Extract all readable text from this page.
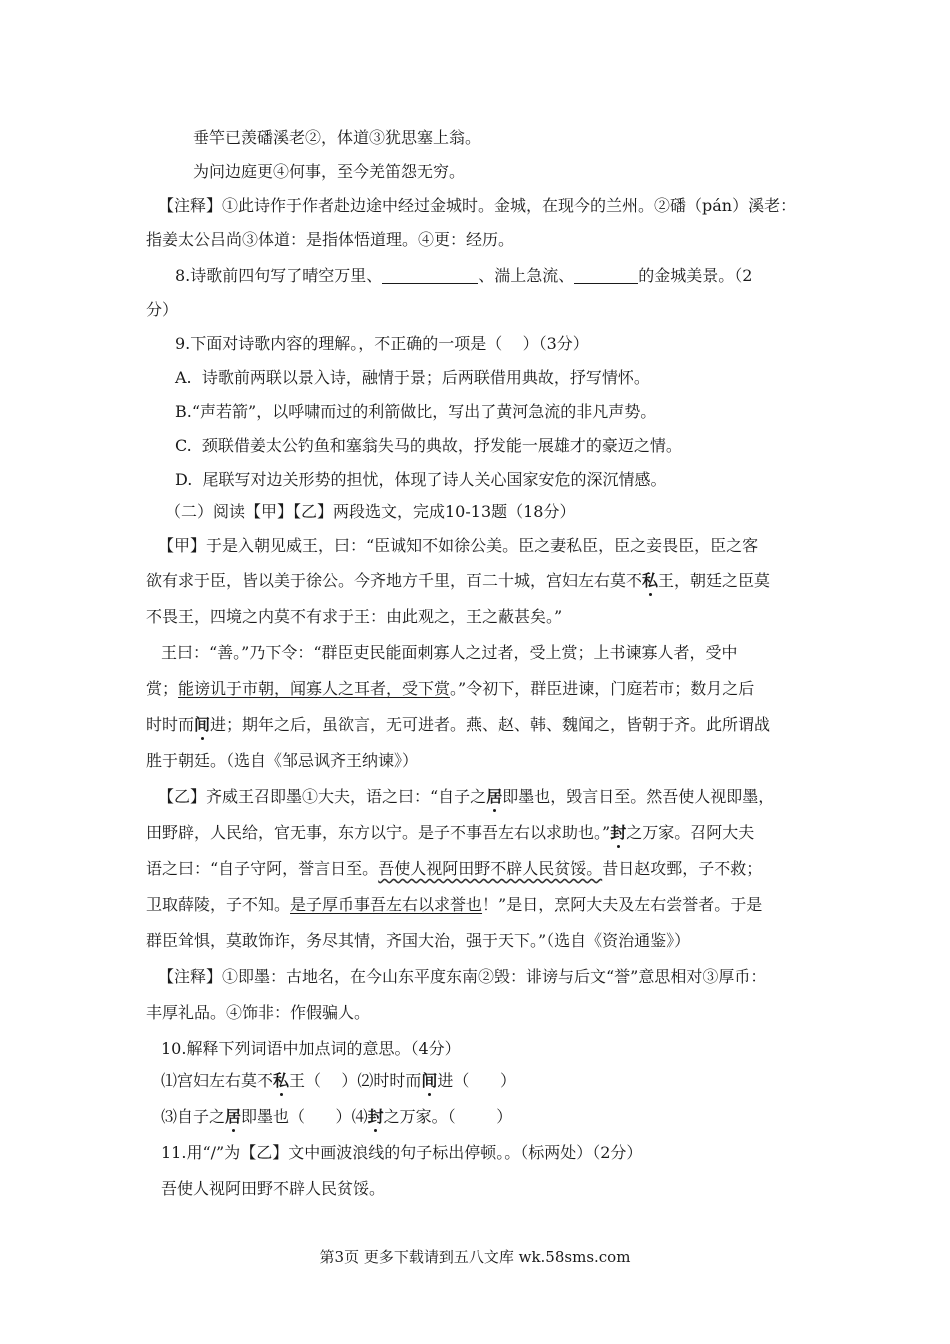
垂竿已羡磻溪老②，体道③犹思塞上翁。
为问边庭更④何事，至今羌笛怨无穷。
【注释】①此诗作于作者赴边途中经过金城时。金城，在现今的兰州。②磻（pán）溪老：
指姜太公吕尚③体道：是指体悟道理。④更：经历。
8.诗歌前四句写了晴空万里、	、湍上急流、	的金城美景。（2
分）
9.下面对诗歌内容的理解。，不正确的一项是（    ）（3分）
A.  诗歌前两联以景入诗，融情于景；后两联借用典故，抒写情怀。
B.“声若箭”，以呼啸而过的利箭做比，写出了黄河急流的非凡声势。
C.  颈联借姜太公钓鱼和塞翁失马的典故，抒发能一展雄才的豪迈之情。
D.  尾联写对边关形势的担忧，体现了诗人关心国家安危的深沉情感。
（二）阅读【甲】【乙】两段选文，完成10-13题（18分）
【甲】于是入朝见威王，曰：“臣诚知不如徐公美。臣之妻私臣，臣之妾畏臣，臣之客
欲有求于臣，皆以美于徐公。今齐地方千里，百二十城，宫妇左右莫不私王，朝廷之臣莫
不畏王，四境之内莫不有求于王：由此观之，王之蔽甚矣。”
王曰：“善。”乃下令：“群臣吏民能面刺寡人之过者，受上赏；上书谏寡人者，受中
赏；能谤讥于市朝，闻寡人之耳者，受下赏。”令初下，群臣进谏，门庭若市；数月之后
时时而间进；期年之后，虽欲言，无可进者。燕、赵、韩、魏闻之，皆朝于齐。此所谓战
胜于朝廷。（选自《邹忌讽齐王纳谏》）
【乙】齐威王召即墨①大夫，语之曰：“自子之居即墨也，毁言日至。然吾使人视即墨，
田野辟，人民给，官无事，东方以宁。是子不事吾左右以求助也。”封之万家。召阿大夫
语之曰：“自子守阿，誉言日至。吾使人视阿田野不辟人民贫馁。昔日赵攻鄄，子不救；
卫取薛陵，子不知。是子厚币事吾左右以求誉也！”是日，烹阿大夫及左右尝誉者。于是
群臣耸惧，莫敢饰诈，务尽其情，齐国大治，强于天下。”（选自《资治通鉴》）
【注释】①即墨：古地名，在今山东平度东南②毁：诽谤与后文“誉”意思相对③厚币：
丰厚礼品。④饰非：作假骗人。
10.解释下列词语中加点词的意思。（4分）
⑴宫妇左右莫不私王（    ）⑵时时而间进（      ）
⑶自子之居即墨也（      ）⑷封之万家。（        ）
11.用“/”为【乙】文中画波浪线的句子标出停顿。。（标两处）（2分）
吾使人视阿田野不辟人民贫馁。
第3页 更多下载请到五八文库 wk.58sms.com
